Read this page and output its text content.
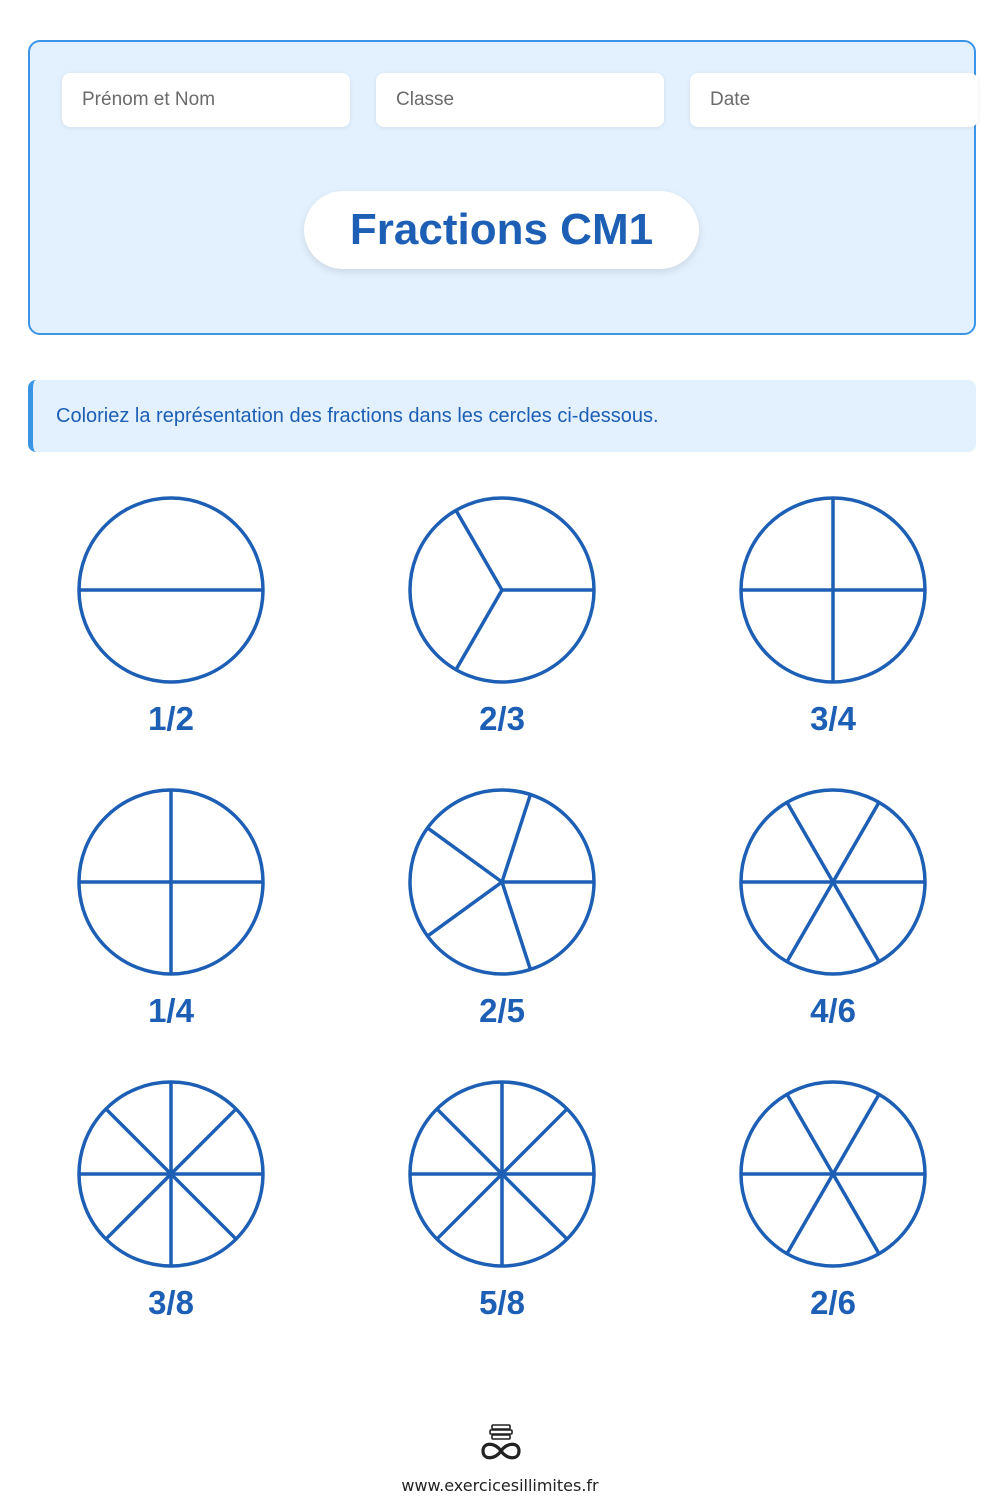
Prénom et Nom
Classe
Date
Fractions CM1
Coloriez la représentation des fractions dans les cercles ci-dessous.
1/2	2/3	3/4
1/4	2/5	4/6
3/8	5/8	2/6
www.exercicesillimites.fr
